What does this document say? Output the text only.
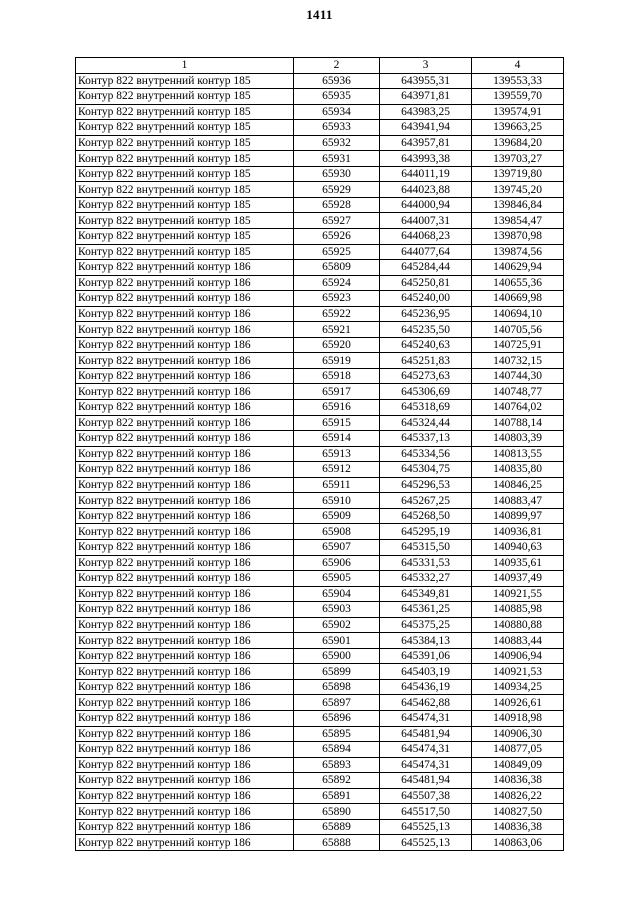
1411
1	2	3	4
Контур 822 внутренний контур 185	65936	643955,31	139553,33
Контур 822 внутренний контур 185	65935	643971,81	139559,70
Контур 822 внутренний контур 185	65934	643983,25	139574,91
Контур 822 внутренний контур 185	65933	643941,94	139663,25
Контур 822 внутренний контур 185	65932	643957,81	139684,20
Контур 822 внутренний контур 185	65931	643993,38	139703,27
Контур 822 внутренний контур 185	65930	644011,19	139719,80
Контур 822 внутренний контур 185	65929	644023,88	139745,20
Контур 822 внутренний контур 185	65928	644000,94	139846,84
Контур 822 внутренний контур 185	65927	644007,31	139854,47
Контур 822 внутренний контур 185	65926	644068,23	139870,98
Контур 822 внутренний контур 185	65925	644077,64	139874,56
Контур 822 внутренний контур 186	65809	645284,44	140629,94
Контур 822 внутренний контур 186	65924	645250,81	140655,36
Контур 822 внутренний контур 186	65923	645240,00	140669,98
Контур 822 внутренний контур 186	65922	645236,95	140694,10
Контур 822 внутренний контур 186	65921	645235,50	140705,56
Контур 822 внутренний контур 186	65920	645240,63	140725,91
Контур 822 внутренний контур 186	65919	645251,83	140732,15
Контур 822 внутренний контур 186	65918	645273,63	140744,30
Контур 822 внутренний контур 186	65917	645306,69	140748,77
Контур 822 внутренний контур 186	65916	645318,69	140764,02
Контур 822 внутренний контур 186	65915	645324,44	140788,14
Контур 822 внутренний контур 186	65914	645337,13	140803,39
Контур 822 внутренний контур 186	65913	645334,56	140813,55
Контур 822 внутренний контур 186	65912	645304,75	140835,80
Контур 822 внутренний контур 186	65911	645296,53	140846,25
Контур 822 внутренний контур 186	65910	645267,25	140883,47
Контур 822 внутренний контур 186	65909	645268,50	140899,97
Контур 822 внутренний контур 186	65908	645295,19	140936,81
Контур 822 внутренний контур 186	65907	645315,50	140940,63
Контур 822 внутренний контур 186	65906	645331,53	140935,61
Контур 822 внутренний контур 186	65905	645332,27	140937,49
Контур 822 внутренний контур 186	65904	645349,81	140921,55
Контур 822 внутренний контур 186	65903	645361,25	140885,98
Контур 822 внутренний контур 186	65902	645375,25	140880,88
Контур 822 внутренний контур 186	65901	645384,13	140883,44
Контур 822 внутренний контур 186	65900	645391,06	140906,94
Контур 822 внутренний контур 186	65899	645403,19	140921,53
Контур 822 внутренний контур 186	65898	645436,19	140934,25
Контур 822 внутренний контур 186	65897	645462,88	140926,61
Контур 822 внутренний контур 186	65896	645474,31	140918,98
Контур 822 внутренний контур 186	65895	645481,94	140906,30
Контур 822 внутренний контур 186	65894	645474,31	140877,05
Контур 822 внутренний контур 186	65893	645474,31	140849,09
Контур 822 внутренний контур 186	65892	645481,94	140836,38
Контур 822 внутренний контур 186	65891	645507,38	140826,22
Контур 822 внутренний контур 186	65890	645517,50	140827,50
Контур 822 внутренний контур 186	65889	645525,13	140836,38
Контур 822 внутренний контур 186	65888	645525,13	140863,06
